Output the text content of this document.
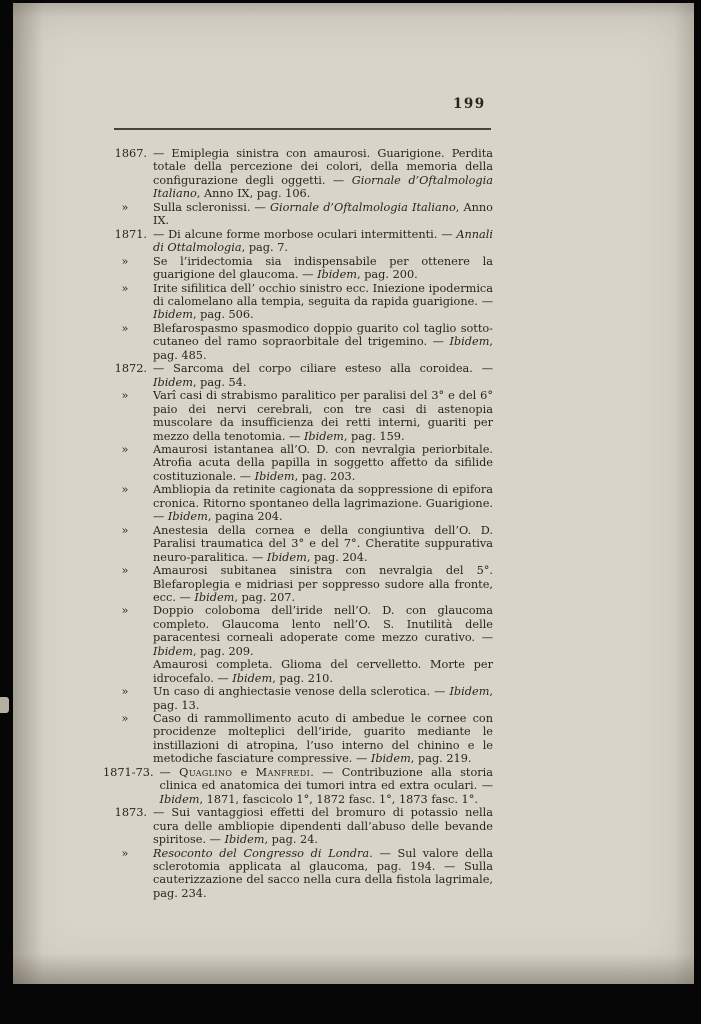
199
1867. — Emiplegia sinistra con amaurosi. Guarigione. Perdita totale della percezione dei colori, della memoria della configurazione degli oggetti. — Giornale d’Oftalmologia Italiano, Anno IX, pag. 106.
»	Sulla scleronissi. — Giornale d’Oftalmologia Italiano, Anno IX.
1871. — Di alcune forme morbose oculari intermittenti. — Annali di Ottalmologia, pag. 7.
»	Se l’iridectomia sia indispensabile per ottenere la guarigione del glaucoma. — Ibidem, pag. 200.
»	Irite sifilitica dell’ occhio sinistro ecc. Iniezione ipodermica di calomelano alla tempia, seguita da rapida guarigione. — Ibidem, pag. 506.
»	Blefarospasmo spasmodico doppio guarito col taglio sotto-cutaneo del ramo sopraorbitale del trigemino. — Ibidem, pag. 485.
1872. — Sarcoma del corpo ciliare esteso alla coroidea. — Ibidem, pag. 54.
»	Varî casi di strabismo paralitico per paralisi del 3° e del 6° paio dei nervi cerebrali, con tre casi di astenopia muscolare da insufficienza dei retti interni, guariti per mezzo della tenotomia. — Ibidem, pag. 159.
»	Amaurosi istantanea all’O. D. con nevralgia periorbitale. Atrofia acuta della papilla in soggetto affetto da sifilide costituzionale. — Ibidem, pag. 203.
»	Ambliopia da retinite cagionata da soppressione di epifora cronica. Ritorno spontaneo della lagrimazione. Guarigione. — Ibidem, pagina 204.
»	Anestesia della cornea e della congiuntiva dell’O. D. Paralisi traumatica del 3° e del 7°. Cheratite suppurativa neuro-paralitica. — Ibidem, pag. 204.
»	Amaurosi subitanea sinistra con nevralgia del 5°. Blefaroplegia e midriasi per soppresso sudore alla fronte, ecc. — Ibidem, pag. 207.
»	Doppio coloboma dell’iride nell’O. D. con glaucoma completo. Glaucoma lento nell’O. S. Inutilità delle paracentesi corneali adoperate come mezzo curativo. — Ibidem, pag. 209.
Amaurosi completa. Glioma del cervelletto. Morte per idrocefalo. — Ibidem, pag. 210.
»	Un caso di anghiectasie venose della sclerotica. — Ibidem, pag. 13.
»	Caso di rammollimento acuto di ambedue le cornee con procidenze molteplici dell’iride, guarito mediante le instillazioni di atropina, l’uso interno del chinino e le metodiche fasciature compressive. — Ibidem, pag. 219.
1871-73. — Quaglino e Manfredi. — Contribuzione alla storia clinica ed anatomica dei tumori intra ed extra oculari. — Ibidem, 1871, fascicolo 1°, 1872 fasc. 1°, 1873 fasc. 1°.
1873. — Sui vantaggiosi effetti del bromuro di potassio nella cura delle ambliopie dipendenti dall’abuso delle bevande spiritose. — Ibidem, pag. 24.
»	Resoconto del Congresso di Londra. — Sul valore della sclerotomia applicata al glaucoma, pag. 194. — Sulla cauterizzazione del sacco nella cura della fistola lagrimale, pag. 234.
